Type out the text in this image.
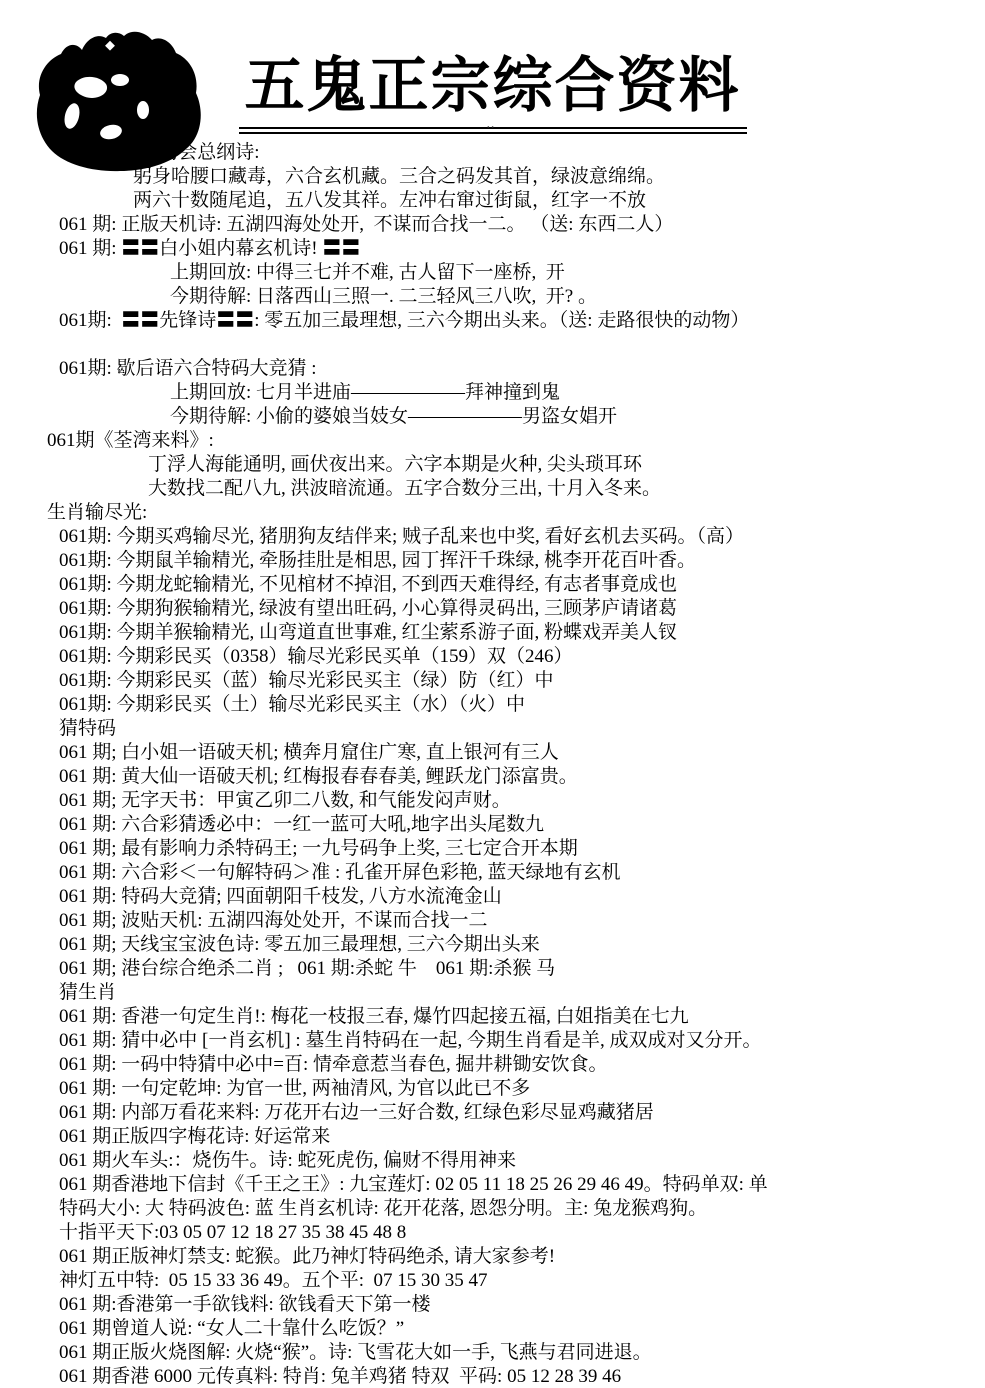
五鬼正宗综合资料
‥
061 期: 香港马会总纲诗:
躬身哈腰口藏毒，六合玄机藏。三合之码发其首，绿波意绵绵。
两六十数随尾追，五八发其祥。左冲右窜过街鼠，红字一不放
061 期: 正版天机诗: 五湖四海处处开,  不谋而合找一二。 （送: 东西二人）
061 期: 〓〓白小姐内幕玄机诗! 〓〓
上期回放: 中得三七并不难, 古人留下一座桥,  开
今期待解: 日落西山三照一. 二三轻风三八吹,  开? 。
061期:  〓〓先锋诗〓〓: 零五加三最理想, 三六今期出头来。（送: 走路很快的动物）
061期: 歇后语六合特码大竞猜 :
上期回放: 七月半进庙——————拜神撞到鬼
今期待解: 小偷的婆娘当妓女——————男盗女娼开
061期《荃湾来料》:
丁浮人海能通明, 画伏夜出来。六字本期是火种, 尖头琐耳环
大数找二配八九, 洪波暗流通。五字合数分三出, 十月入冬来。
生肖输尽光:
061期: 今期买鸡输尽光, 猪朋狗友结伴来; 贼子乱来也中奖, 看好玄机去买码。（高）
061期: 今期鼠羊输精光, 牵肠挂肚是相思, 园丁挥汗千珠绿, 桃李开花百叶香。
061期: 今期龙蛇输精光, 不见棺材不掉泪, 不到西天难得经, 有志者事竟成也
061期: 今期狗猴输精光, 绿波有望出旺码, 小心算得灵码出, 三顾茅庐请诸葛
061期: 今期羊猴输精光, 山弯道直世事难, 红尘萦系游子面, 粉蝶戏弄美人钗
061期: 今期彩民买（0358）输尽光彩民买单（159）双（246）
061期: 今期彩民买（蓝）输尽光彩民买主（绿）防（红）中
061期: 今期彩民买（土）输尽光彩民买主（水）（火）中
猜特码
061 期; 白小姐一语破天机; 横奔月窟住广寒, 直上银河有三人
061 期: 黄大仙一语破天机; 红梅报春春春美, 鲤跃龙门添富贵。
061 期; 无字天书：甲寅乙卯二八数, 和气能发闷声财。
061 期: 六合彩猜透必中：一红一蓝可大吼,地字出头尾数九
061 期; 最有影响力杀特码王; 一九号码争上奖, 三七定合开本期
061 期: 六合彩＜一句解特码＞准 : 孔雀开屏色彩艳, 蓝天绿地有玄机
061 期: 特码大竞猜; 四面朝阳千枝发, 八方水流淹金山
061 期; 波贴天机: 五湖四海处处开,  不谋而合找一二
061 期; 天线宝宝波色诗: 零五加三最理想, 三六今期出头来
061 期; 港台综合绝杀二肖 ;   061 期:杀蛇 牛    061 期:杀猴 马
猜生肖
061 期: 香港一句定生肖!: 梅花一枝报三春, 爆竹四起接五福, 白姐指美在七九
061 期: 猜中必中 [一肖玄机] : 墓生肖特码在一起, 今期生肖看是羊, 成双成对又分开。
061 期: 一码中特猜中必中=百: 情牵意惹当春色, 掘井耕锄安饮食。
061 期: 一句定乾坤: 为官一世, 两袖清风, 为官以此已不多
061 期: 内部万看花来料: 万花开右边一三好合数, 红绿色彩尽显鸡藏猪居
061 期正版四字梅花诗: 好运常来
061 期火车头:：烧伤牛。诗: 蛇死虎伤, 偏财不得用神来
061 期香港地下信封《千王之王》: 九宝莲灯: 02 05 11 18 25 26 29 46 49。特码单双: 单
特码大小: 大 特码波色: 蓝 生肖玄机诗: 花开花落, 恩怨分明。主: 兔龙猴鸡狗。
十指平天下:03 05 07 12 18 27 35 38 45 48 8
061 期正版神灯禁支: 蛇猴。此乃神灯特码绝杀, 请大家参考!
神灯五中特:  05 15 33 36 49。五个平:  07 15 30 35 47
061 期:香港第一手欲钱料: 欲钱看天下第一楼
061 期曾道人说: “女人二十靠什么吃饭？”
061 期正版火烧图解: 火烧“猴”。诗: 飞雪花大如一手, 飞燕与君同进退。
061 期香港 6000 元传真料: 特肖: 兔羊鸡猪 特双  平码: 05 12 28 39 46
